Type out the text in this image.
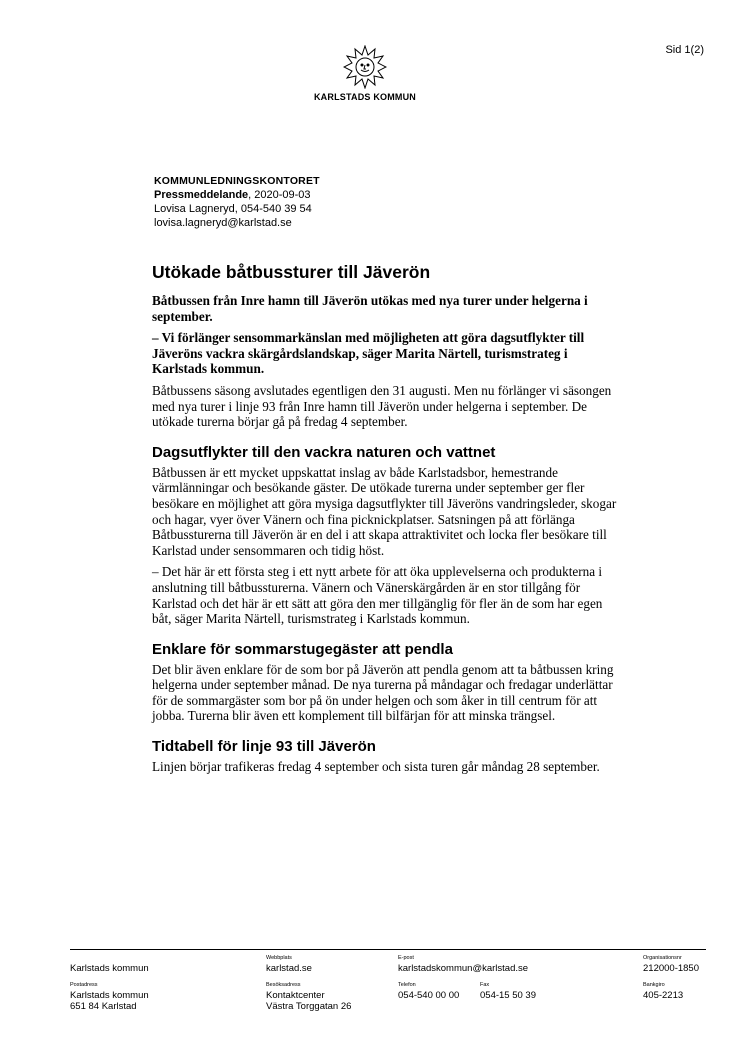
Sid 1(2)
KARLSTADS KOMMUN
KOMMUNLEDNINGSKONTORET
Pressmeddelande, 2020-09-03
Lovisa Lagneryd, 054-540 39 54
lovisa.lagneryd@karlstad.se
Utökade båtbussturer till Jäverön

Båtbussen från Inre hamn till Jäverön utökas med nya turer under helgerna i september.

– Vi förlänger sensommarkänslan med möjligheten att göra dagsutflykter till Jäveröns vackra skärgårdslandskap, säger Marita Närtell, turismstrateg i Karlstads kommun.

Båtbussens säsong avslutades egentligen den 31 augusti. Men nu förlänger vi säsongen med nya turer i linje 93 från Inre hamn till Jäverön under helgerna i september. De utökade turerna börjar gå på fredag 4 september.

Dagsutflykter till den vackra naturen och vattnet

Båtbussen är ett mycket uppskattat inslag av både Karlstadsbor, hemestrande värmlänningar och besökande gäster. De utökade turerna under september ger fler besökare en möjlighet att göra mysiga dagsutflykter till Jäveröns vandringsleder, skogar och hagar, vyer över Vänern och fina picknickplatser. Satsningen på att förlänga Båtbussturerna till Jäverön är en del i att skapa attraktivitet och locka fler besökare till Karlstad under sensommaren och tidig höst.

– Det här är ett första steg i ett nytt arbete för att öka upplevelserna och produkterna i anslutning till båtbussturerna. Vänern och Vänerskärgården är en stor tillgång för Karlstad och det här är ett sätt att göra den mer tillgänglig för fler än de som har egen båt, säger Marita Närtell, turismstrateg i Karlstads kommun.

Enklare för sommarstugegäster att pendla

Det blir även enklare för de som bor på Jäverön att pendla genom att ta båtbussen kring helgerna under september månad. De nya turerna på måndagar och fredagar underlättar för de sommargäster som bor på ön under helgen och som åker in till centrum för att jobba. Turerna blir även ett komplement till bilfärjan för att minska trängsel.

Tidtabell för linje 93 till Jäverön

Linjen börjar trafikeras fredag 4 september och sista turen går måndag 28 september.

Karlstads kommun
Webbplats
karlstad.se
E-post
karlstadskommun@karlstad.se
Organisationsnr
212000-1850
Postadress
Karlstads kommun
651 84 Karlstad
Besöksadress
Kontaktcenter
Västra Torggatan 26
Telefon
054-540 00 00
Fax
054-15 50 39
Bankgiro
405-2213
